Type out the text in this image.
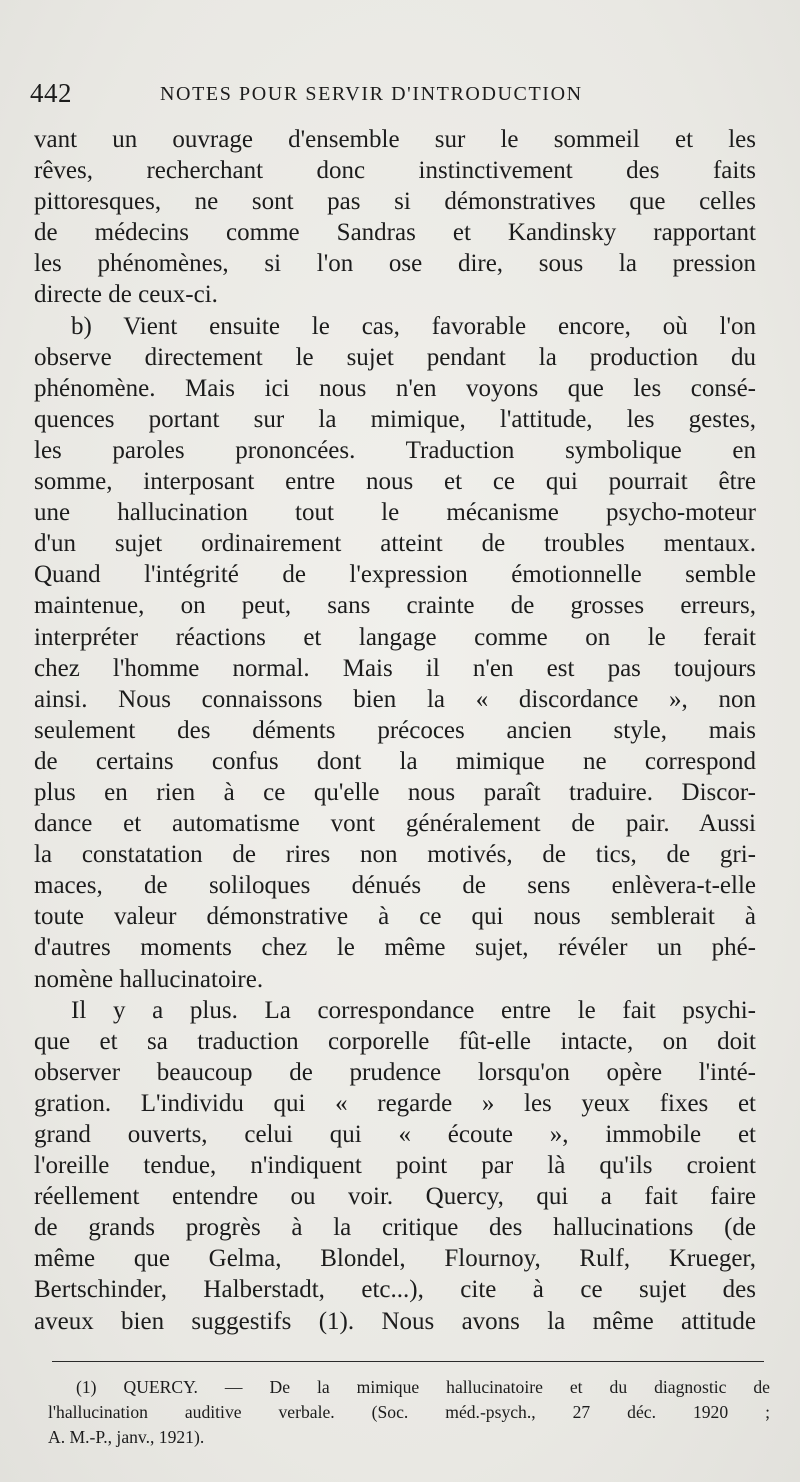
442	NOTES POUR SERVIR D'INTRODUCTION
vant un ouvrage d'ensemble sur le sommeil et les
rêves, recherchant donc instinctivement des faits
pittoresques, ne sont pas si démonstratives que celles
de médecins comme Sandras et Kandinsky rapportant
les phénomènes, si l'on ose dire, sous la pression
directe de ceux-ci.
b) Vient ensuite le cas, favorable encore, où l'on
observe directement le sujet pendant la production du
phénomène. Mais ici nous n'en voyons que les consé-
quences portant sur la mimique, l'attitude, les gestes,
les paroles prononcées. Traduction symbolique en
somme, interposant entre nous et ce qui pourrait être
une hallucination tout le mécanisme psycho-moteur
d'un sujet ordinairement atteint de troubles mentaux.
Quand l'intégrité de l'expression émotionnelle semble
maintenue, on peut, sans crainte de grosses erreurs,
interpréter réactions et langage comme on le ferait
chez l'homme normal. Mais il n'en est pas toujours
ainsi. Nous connaissons bien la « discordance », non
seulement des déments précoces ancien style, mais
de certains confus dont la mimique ne correspond
plus en rien à ce qu'elle nous paraît traduire. Discor-
dance et automatisme vont généralement de pair. Aussi
la constatation de rires non motivés, de tics, de gri-
maces, de soliloques dénués de sens enlèvera-t-elle
toute valeur démonstrative à ce qui nous semblerait à
d'autres moments chez le même sujet, révéler un phé-
nomène hallucinatoire.
Il y a plus. La correspondance entre le fait psychi-
que et sa traduction corporelle fût-elle intacte, on doit
observer beaucoup de prudence lorsqu'on opère l'inté-
gration. L'individu qui « regarde » les yeux fixes et
grand ouverts, celui qui « écoute », immobile et
l'oreille tendue, n'indiquent point par là qu'ils croient
réellement entendre ou voir. Quercy, qui a fait faire
de grands progrès à la critique des hallucinations (de
même que Gelma, Blondel, Flournoy, Rulf, Krueger,
Bertschinder, Halberstadt, etc...), cite à ce sujet des
aveux bien suggestifs (1). Nous avons la même attitude
(1) QUERCY. — De la mimique hallucinatoire et du diagnostic de
l'hallucination auditive verbale. (Soc. méd.-psych., 27 déc. 1920 ;
A. M.-P., janv., 1921).
